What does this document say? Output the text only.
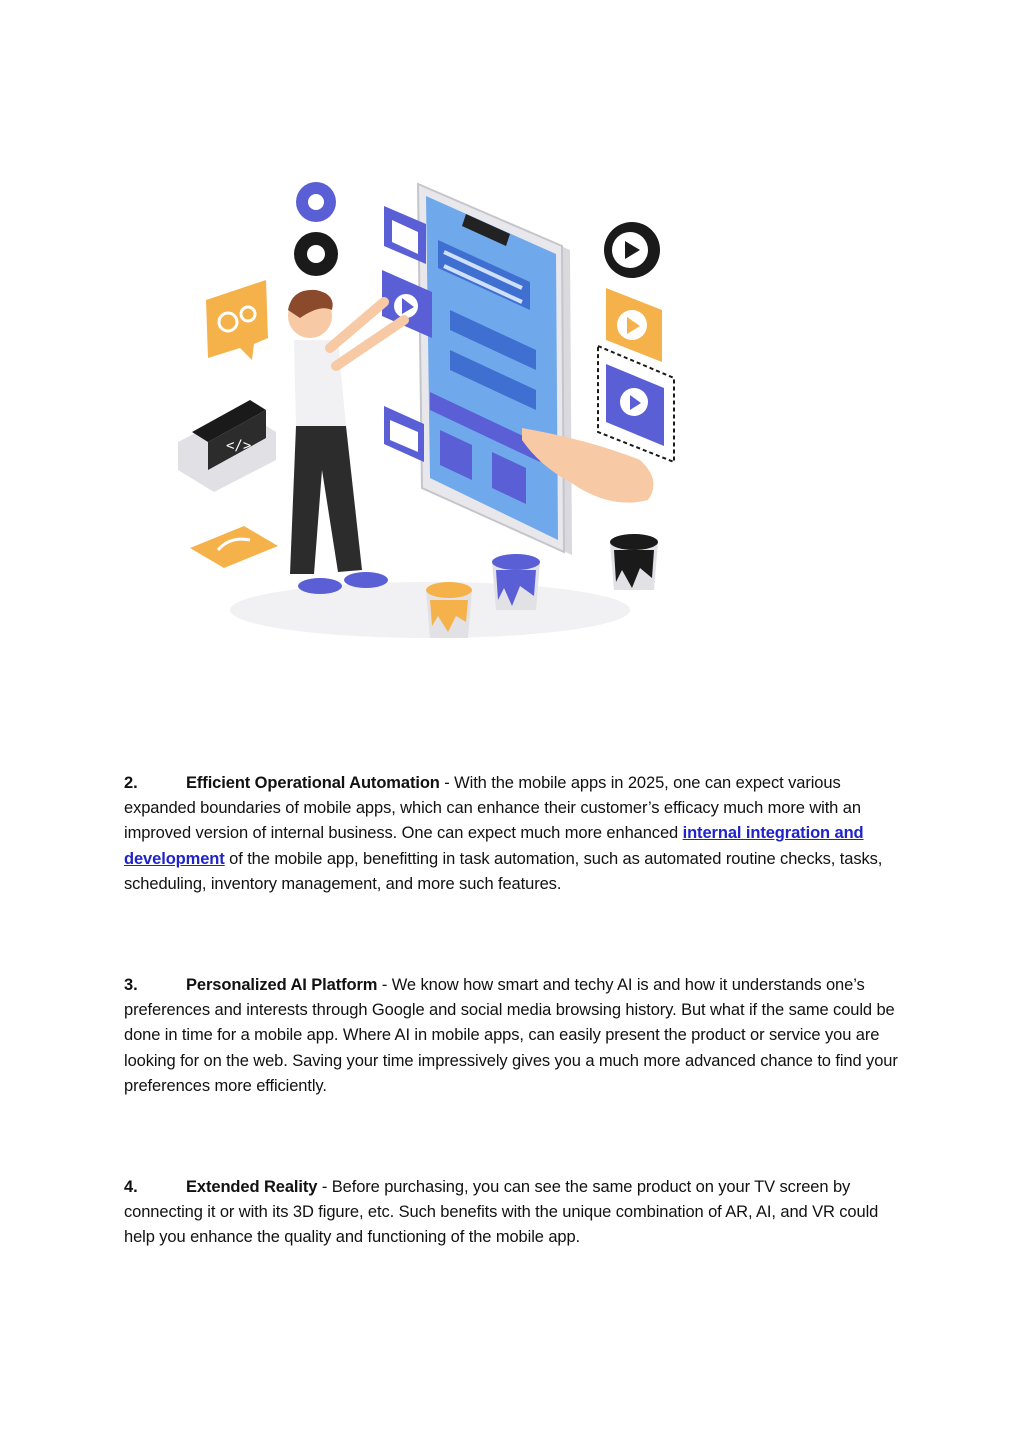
</>
2.	Efficient Operational Automation - With the mobile apps in 2025, one can expect various expanded boundaries of mobile apps, which can enhance their customer’s efficacy much more with an improved version of internal business. One can expect much more enhanced internal integration and development of the mobile app, benefitting in task automation, such as automated routine checks, tasks, scheduling, inventory management, and more such features.
3.	Personalized AI Platform - We know how smart and techy AI is and how it understands one’s preferences and interests through Google and social media browsing history. But what if the same could be done in time for a mobile app. Where AI in mobile apps, can easily present the product or service you are looking for on the web. Saving your time impressively gives you a much more advanced chance to find your preferences more efficiently.
4.	Extended Reality - Before purchasing, you can see the same product on your TV screen by connecting it or with its 3D figure, etc. Such benefits with the unique combination of AR, AI, and VR could help you enhance the quality and functioning of the mobile app.
